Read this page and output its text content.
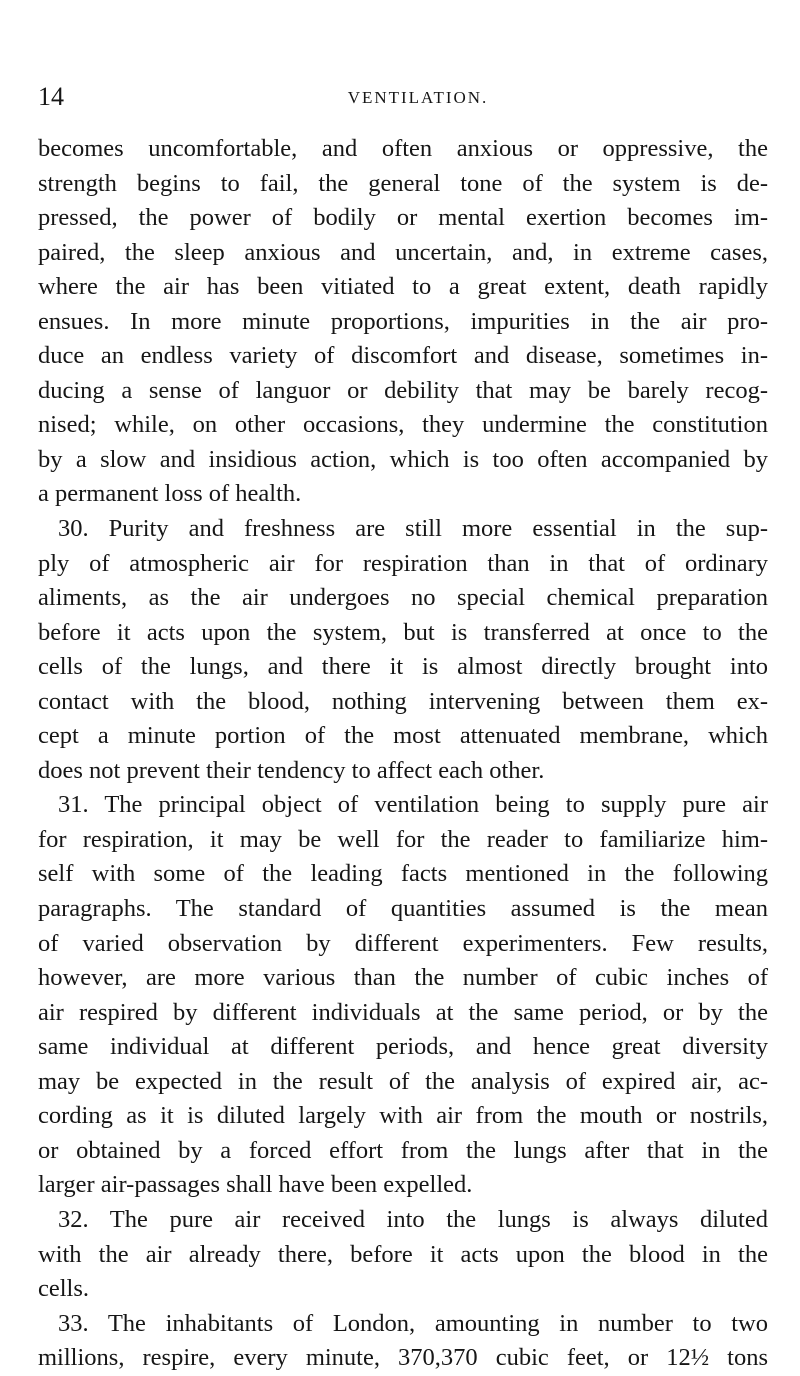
14	VENTILATION.
becomes uncomfortable, and often anxious or oppressive, the
strength begins to fail, the general tone of the system is de-
pressed, the power of bodily or mental exertion becomes im-
paired, the sleep anxious and uncertain, and, in extreme cases,
where the air has been vitiated to a great extent, death rapidly
ensues. In more minute proportions, impurities in the air pro-
duce an endless variety of discomfort and disease, sometimes in-
ducing a sense of languor or debility that may be barely recog-
nised; while, on other occasions, they undermine the constitution
by a slow and insidious action, which is too often accompanied by
a permanent loss of health.
30. Purity and freshness are still more essential in the sup-
ply of atmospheric air for respiration than in that of ordinary
aliments, as the air undergoes no special chemical preparation
before it acts upon the system, but is transferred at once to the
cells of the lungs, and there it is almost directly brought into
contact with the blood, nothing intervening between them ex-
cept a minute portion of the most attenuated membrane, which
does not prevent their tendency to affect each other.
31. The principal object of ventilation being to supply pure air
for respiration, it may be well for the reader to familiarize him-
self with some of the leading facts mentioned in the following
paragraphs. The standard of quantities assumed is the mean
of varied observation by different experimenters. Few results,
however, are more various than the number of cubic inches of
air respired by different individuals at the same period, or by the
same individual at different periods, and hence great diversity
may be expected in the result of the analysis of expired air, ac-
cording as it is diluted largely with air from the mouth or nostrils,
or obtained by a forced effort from the lungs after that in the
larger air-passages shall have been expelled.
32. The pure air received into the lungs is always diluted
with the air already there, before it acts upon the blood in the
cells.
33. The inhabitants of London, amounting in number to two
millions, respire, every minute, 370,370 cubic feet, or 12½ tons
